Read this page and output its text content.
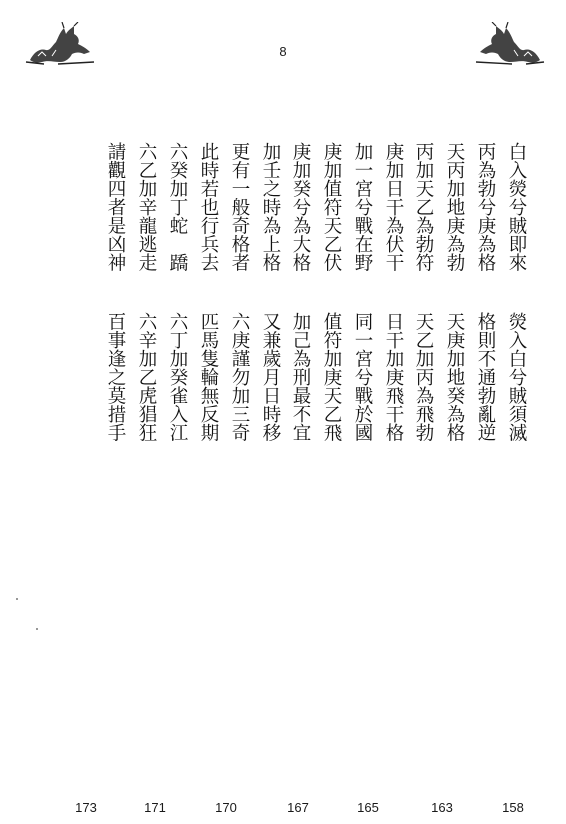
8
白入熒兮賊即來
熒入白兮賊須滅
丙為勃兮庚為格
格則不通勃亂逆
天丙加地庚為勃
天庚加地癸為格
丙加天乙為勃符
天乙加丙為飛勃
庚加日干為伏干
日干加庚飛干格
加一宮兮戰在野
同一宮兮戰於國
庚加值符天乙伏
值符加庚天乙飛
庚加癸兮為大格
加己為刑最不宜
加壬之時為上格
又兼歲月日時移
更有一般奇格者
六庚謹勿加三奇
此時若也行兵去
匹馬隻輪無反期
六癸加丁蛇　蹻
六丁加癸雀入江
六乙加辛龍逃走
六辛加乙虎猖狂
請觀四者是凶神
百事逢之莫措手
158
163
165
167
170
171
173
